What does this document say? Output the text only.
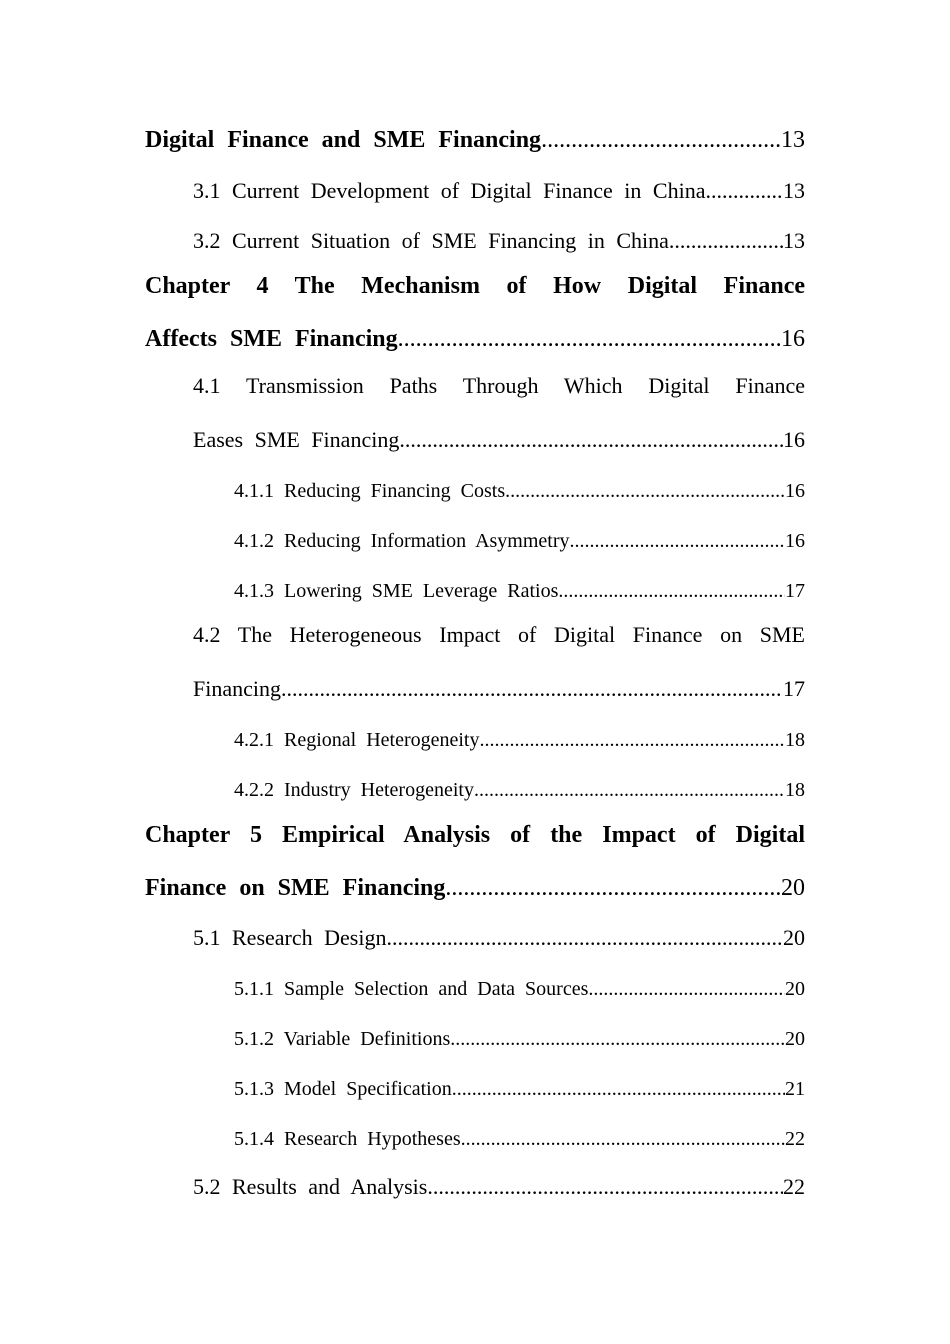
Digital Finance and SME Financing .....	13
3.1 Current Development of Digital Finance in China .....	13
3.2 Current Situation of SME Financing in China .....	13
Chapter 4 The Mechanism of How Digital Finance
Affects SME Financing .....	16
4.1 Transmission Paths Through Which Digital Finance
Eases SME Financing .....	16
4.1.1 Reducing Financing Costs .....	16
4.1.2 Reducing Information Asymmetry .....	16
4.1.3 Lowering SME Leverage Ratios .....	17
4.2 The Heterogeneous Impact of Digital Finance on SME
Financing .....	17
4.2.1 Regional Heterogeneity .....	18
4.2.2 Industry Heterogeneity .....	18
Chapter 5 Empirical Analysis of the Impact of Digital
Finance on SME Financing .....	20
5.1 Research Design .....	20
5.1.1 Sample Selection and Data Sources .....	20
5.1.2 Variable Definitions .....	20
5.1.3 Model Specification .....	21
5.1.4 Research Hypotheses .....	22
5.2 Results and Analysis .....	22
